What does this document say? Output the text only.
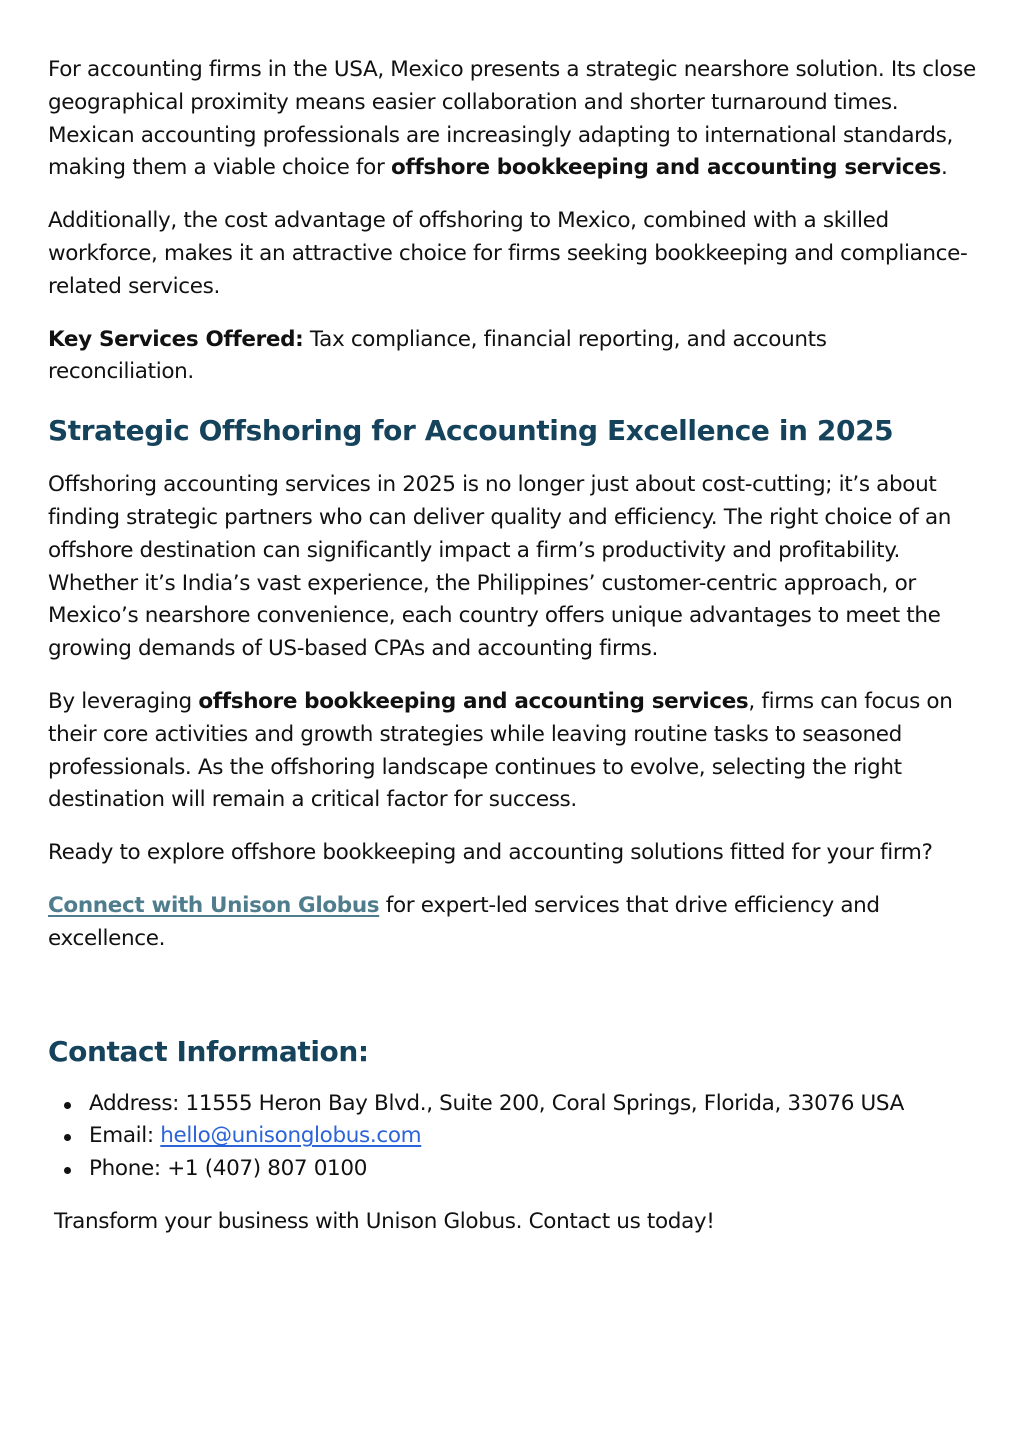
For accounting firms in the USA, Mexico presents a strategic nearshore solution. Its close geographical proximity means easier collaboration and shorter turnaround times. Mexican accounting professionals are increasingly adapting to international standards, making them a viable choice for offshore bookkeeping and accounting services.

Additionally, the cost advantage of offshoring to Mexico, combined with a skilled workforce, makes it an attractive choice for firms seeking bookkeeping and compliance-related services.

Key Services Offered: Tax compliance, financial reporting, and accounts reconciliation.

Strategic Offshoring for Accounting Excellence in 2025

Offshoring accounting services in 2025 is no longer just about cost-cutting; it’s about finding strategic partners who can deliver quality and efficiency. The right choice of an offshore destination can significantly impact a firm’s productivity and profitability. Whether it’s India’s vast experience, the Philippines’ customer-centric approach, or Mexico’s nearshore convenience, each country offers unique advantages to meet the growing demands of US-based CPAs and accounting firms.

By leveraging offshore bookkeeping and accounting services, firms can focus on their core activities and growth strategies while leaving routine tasks to seasoned professionals. As the offshoring landscape continues to evolve, selecting the right destination will remain a critical factor for success.

Ready to explore offshore bookkeeping and accounting solutions fitted for your firm?

Connect with Unison Globus for expert-led services that drive efficiency and excellence.

Contact Information:
Address: 11555 Heron Bay Blvd., Suite 200, Coral Springs, Florida, 33076 USA
Email: hello@unisonglobus.com
Phone: +1 (407) 807 0100

Transform your business with Unison Globus. Contact us today!
